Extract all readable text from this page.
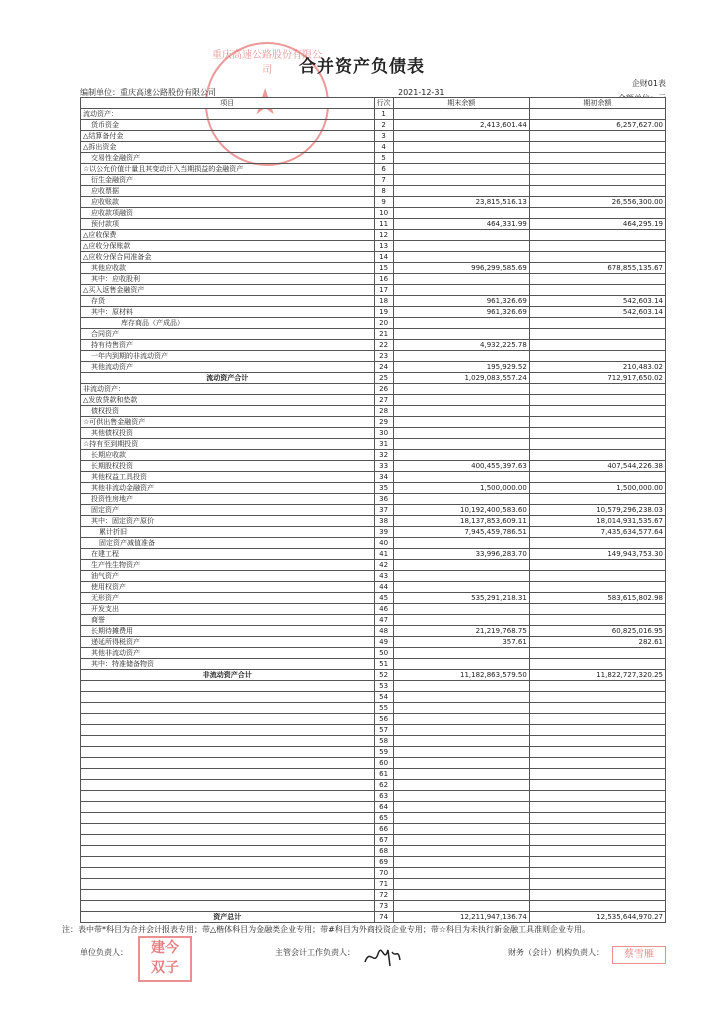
重庆高速公路股份有限公司	合并资产负债表
企财01表
编制单位：重庆高速公路股份有限公司	2021-12-31
项目	行次	期末余额	期初余额
流动资产：	1		
货币资金	2	2,413,601.44	6,257,627.00
△结算备付金	3		
△拆出资金	4		
交易性金融资产	5		
☆以公允价值计量且其变动计入当期损益的金融资产	6		
衍生金融资产	7		
应收票据	8		
应收账款	9	23,815,516.13	26,556,300.00
应收款项融资	10		
预付款项	11	464,331.99	464,295.19
△应收保费	12		
△应收分保账款	13		
△应收分保合同准备金	14		
其他应收款	15	996,299,585.69	678,855,135.67
其中：应收股利	16		
△买入返售金融资产	17		
存货	18	961,326.69	542,603.14
其中：原材料	19	961,326.69	542,603.14
库存商品（产成品）	20		
合同资产	21		
持有待售资产	22	4,932,225.78	
一年内到期的非流动资产	23		
其他流动资产	24	195,929.52	210,483.02
流动资产合计	25	1,029,083,557.24	712,917,650.02
非流动资产：	26		
△发放贷款和垫款	27		
债权投资	28		
☆可供出售金融资产	29		
其他债权投资	30		
☆持有至到期投资	31		
长期应收款	32		
长期股权投资	33	400,455,397.63	407,544,226.38
其他权益工具投资	34		
其他非流动金融资产	35	1,500,000.00	1,500,000.00
投资性房地产	36		
固定资产	37	10,192,400,583.60	10,579,296,238.03
其中：固定资产原价	38	18,137,853,609.11	18,014,931,535.67
累计折旧	39	7,945,459,786.51	7,435,634,577.64
固定资产减值准备	40		
在建工程	41	33,996,283.70	149,943,753.30
生产性生物资产	42		
油气资产	43		
使用权资产	44		
无形资产	45	535,291,218.31	583,615,802.98
开发支出	46		
商誉	47		
长期待摊费用	48	21,219,768.75	60,825,016.95
递延所得税资产	49	357.61	282.61
其他非流动资产	50		
其中：特准储备物资	51		
非流动资产合计	52	11,182,863,579.50	11,822,727,320.25
	53		
	54		
	55		
	56		
	57		
	58		
	59		
	60		
	61		
	62		
	63		
	64		
	65		
	66		
	67		
	68		
	69		
	70		
	71		
	72		
	73		
资产总计	74	12,211,947,136.74	12,535,644,970.27
注：表中带*科目为合并会计报表专用；带△楷体科目为金融类企业专用；带#科目为外商投资企业专用；带☆科目为未执行新金融工具准则企业专用。
单位负责人：	建今
双子
主管会计工作负责人：	财务（会计）机构负责人：	蔡雪雁
